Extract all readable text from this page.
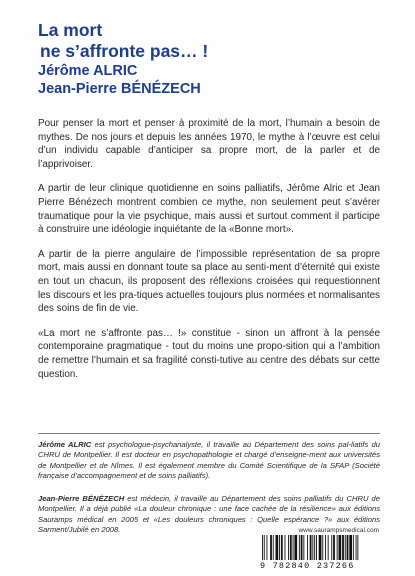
La mort
ne s’affronte pas… !
Jérôme ALRIC
Jean-Pierre BÉNÉZECH

Pour penser la mort et penser à proximité de la mort, l’humain a besoin de mythes. De nos jours et depuis les années 1970, le mythe à l’œuvre est celui d’un individu capable d’anticiper sa propre mort, de la parler et de l’apprivoiser.

A partir de leur clinique quotidienne en soins palliatifs, Jérôme Alric et Jean Pierre Bénézech montrent combien ce mythe, non seulement peut s’avérer traumatique pour la vie psychique, mais aussi et surtout comment il participe à construire une idéologie inquiétante de la «Bonne mort».

A partir de la pierre angulaire de l’impossible représentation de sa propre mort, mais aussi en donnant toute sa place au senti-ment d’éternité qui existe en tout un chacun, ils proposent des réflexions croisées qui requestionnent les discours et les pra-tiques actuelles toujours plus normées et normalisantes des soins de fin de vie.

«La mort ne s’affronte pas… !» constitue - sinon un affront à la pensée contemporaine pragmatique - tout du moins une propo-sition qui a l’ambition de remettre l’humain et sa fragilité consti-tutive au centre des débats sur cette question.

Jérôme ALRIC est psychologue-psychanalyste, il travaille au Département des soins pal-liatifs du CHRU de Montpellier. Il est docteur en psychopathologie et chargé d’enseigne-ment aux universités de Montpellier et de Nîmes. Il est également membre du Comité Scientifique de la SFAP (Société française d’accompagnement et de soins palliatifs).
Jean-Pierre BÉNÉZECH est médecin, il travaille au Département des soins palliatifs du CHRU de Montpellier. Il a déjà publié «La douleur chronique : une face cachée de la résilience» aux éditions Sauramps médical en 2005 et «Les douleurs chroniques : Quelle espérance ?» aux éditions Sarment/Jubilé en 2008.	www.saurampsmedical.com
9 782840 237266
